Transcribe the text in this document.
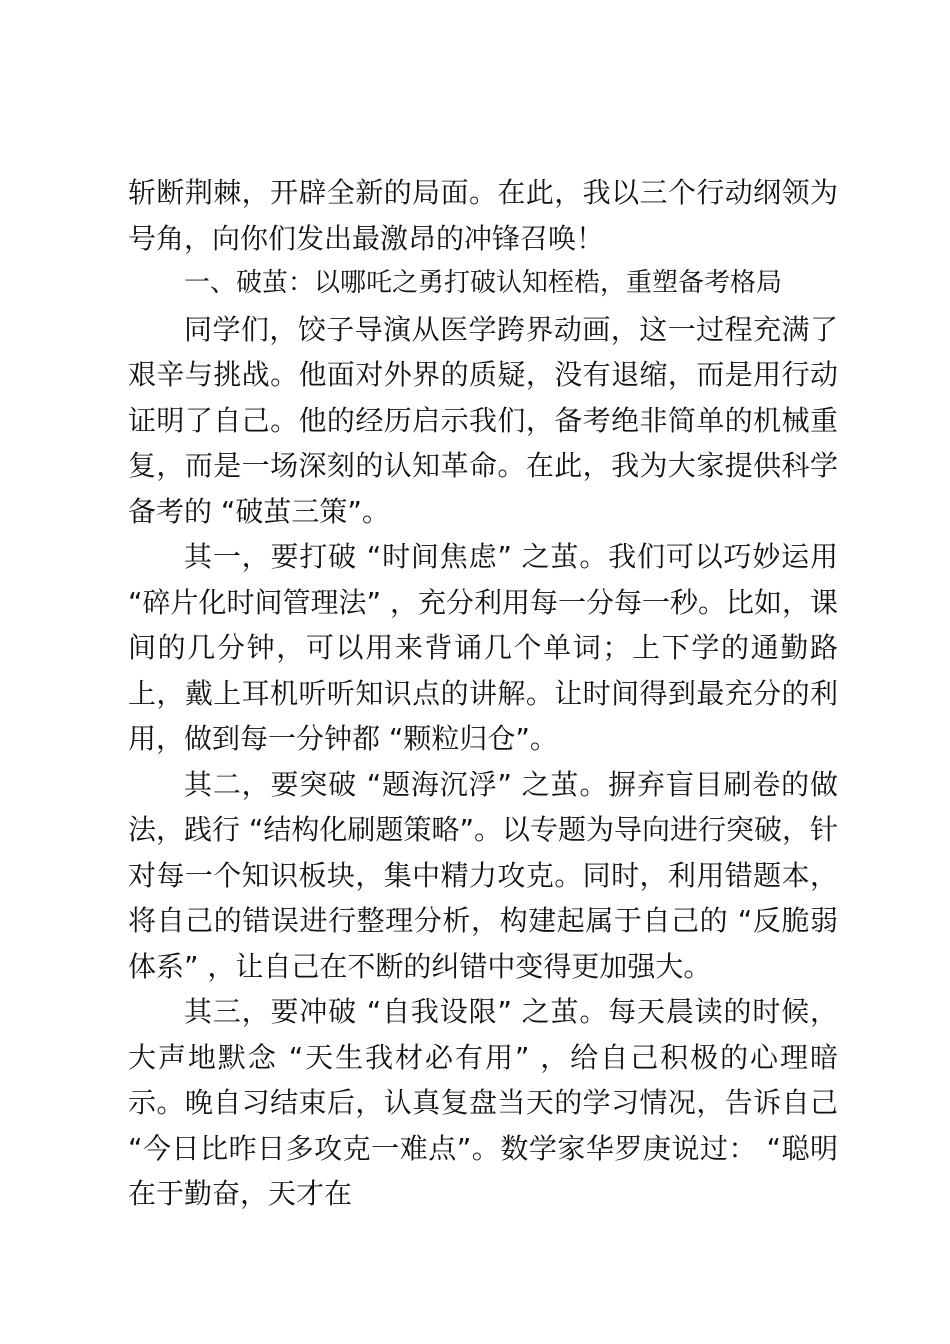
斩断荆棘，开辟全新的局面。在此，我以三个行动纲领为号角，向你们发出最激昂的冲锋召唤！

一、破茧：以哪吒之勇打破认知桎梏，重塑备考格局

同学们，饺子导演从医学跨界动画，这一过程充满了艰辛与挑战。他面对外界的质疑，没有退缩，而是用行动证明了自己。他的经历启示我们，备考绝非简单的机械重复，而是一场深刻的认知革命。在此，我为大家提供科学备考的 “破茧三策”。

其一，要打破 “时间焦虑” 之茧。我们可以巧妙运用 “碎片化时间管理法” ，充分利用每一分每一秒。比如，课间的几分钟，可以用来背诵几个单词；上下学的通勤路上，戴上耳机听听知识点的讲解。让时间得到最充分的利用，做到每一分钟都 “颗粒归仓”。

其二，要突破 “题海沉浮” 之茧。摒弃盲目刷卷的做法，践行 “结构化刷题策略”。以专题为导向进行突破，针对每一个知识板块，集中精力攻克。同时，利用错题本，将自己的错误进行整理分析，构建起属于自己的 “反脆弱体系” ，让自己在不断的纠错中变得更加强大。

其三，要冲破 “自我设限” 之茧。每天晨读的时候，大声地默念 “天生我材必有用” ，给自己积极的心理暗示。晚自习结束后，认真复盘当天的学习情况，告诉自己 “今日比昨日多攻克一难点”。数学家华罗庚说过： “聪明在于勤奋，天才在
